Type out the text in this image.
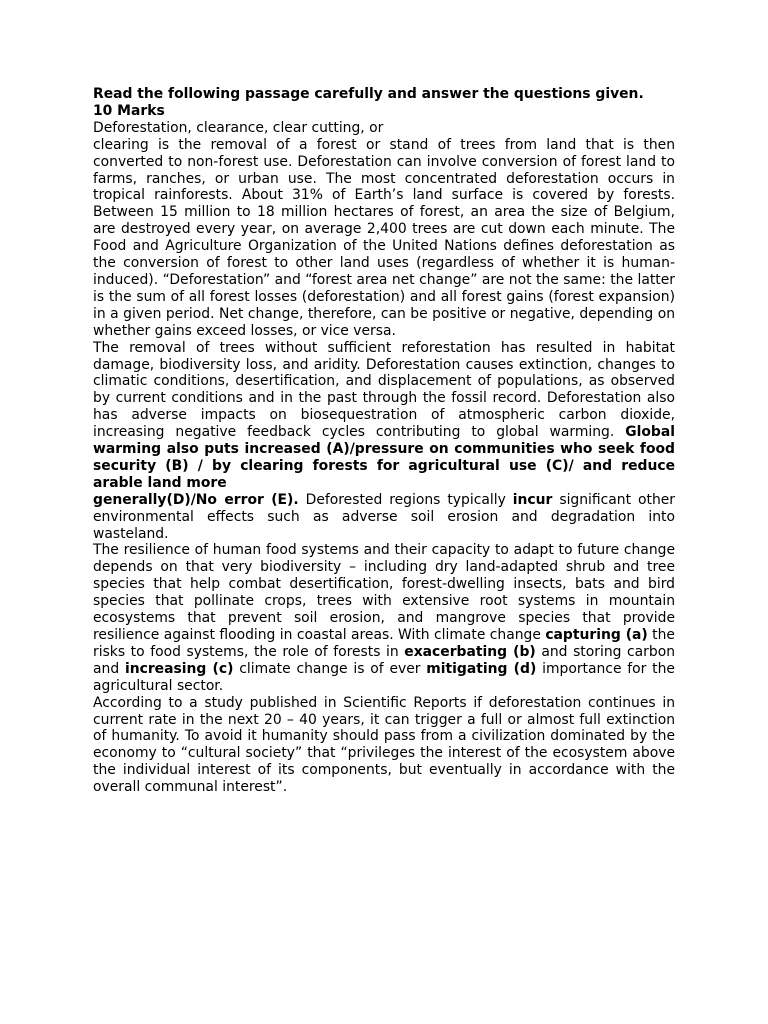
Read the following passage carefully and answer the questions given.

10 Marks

Deforestation, clearance, clear cutting, or

clearing is the removal of a forest or stand of trees from land that is then converted to non-forest use. Deforestation can involve conversion of forest land to farms, ranches, or urban use. The most concentrated deforestation occurs in tropical rainforests. About 31% of Earth’s land surface is covered by forests. Between 15 million to 18 million hectares of forest, an area the size of Belgium, are destroyed every year, on average 2,400 trees are cut down each minute. The Food and Agriculture Organization of the United Nations defines deforestation as the conversion of forest to other land uses (regardless of whether it is human-induced). “Deforestation” and “forest area net change” are not the same: the latter is the sum of all forest losses (deforestation) and all forest gains (forest expansion) in a given period. Net change, therefore, can be positive or negative, depending on whether gains exceed losses, or vice versa.

The removal of trees without sufficient reforestation has resulted in habitat damage, biodiversity loss, and aridity. Deforestation causes extinction, changes to climatic conditions, desertification, and displacement of populations, as observed by current conditions and in the past through the fossil record. Deforestation also has adverse impacts on biosequestration of atmospheric carbon dioxide, increasing negative feedback cycles contributing to global warming. Global warming also puts increased (A)/pressure on communities who seek food security (B) / by clearing forests for agricultural use (C)/ and reduce arable land more
generally(D)/No error (E). Deforested regions typically incur significant other environmental effects such as adverse soil erosion and degradation into wasteland.

The resilience of human food systems and their capacity to adapt to future change depends on that very biodiversity – including dry land-adapted shrub and tree species that help combat desertification, forest-dwelling insects, bats and bird species that pollinate crops, trees with extensive root systems in mountain ecosystems that prevent soil erosion, and mangrove species that provide resilience against flooding in coastal areas. With climate change capturing (a) the risks to food systems, the role of forests in exacerbating (b) and storing carbon and increasing (c) climate change is of ever mitigating (d) importance for the agricultural sector.

According to a study published in Scientific Reports if deforestation continues in current rate in the next 20 – 40 years, it can trigger a full or almost full extinction of humanity. To avoid it humanity should pass from a civilization dominated by the economy to “cultural society” that “privileges the interest of the ecosystem above the individual interest of its components, but eventually in accordance with the overall communal interest”.
